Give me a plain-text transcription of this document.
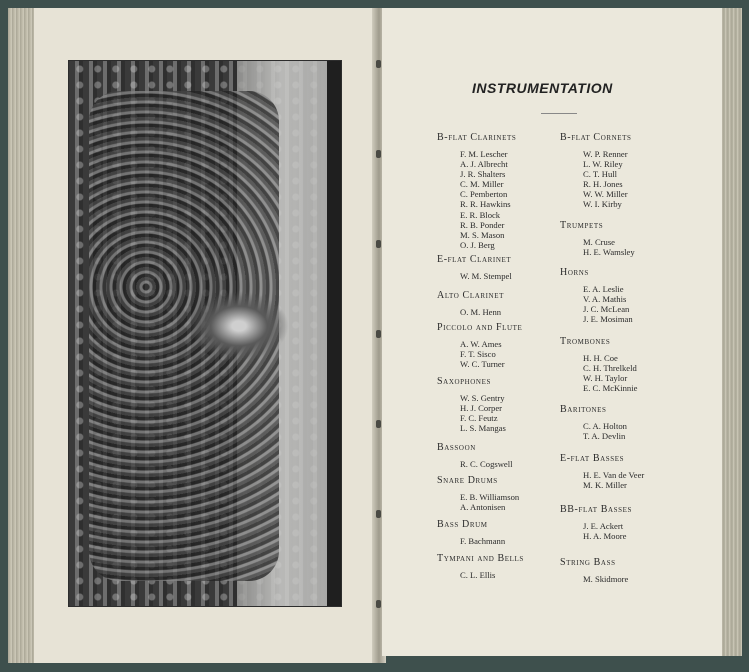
INSTRUMENTATION

B-flat Clarinets

F. M. Lescher

A. J. Albrecht

J. R. Shalters

C. M. Miller

C. Pemberton

R. R. Hawkins

E. R. Block

R. B. Ponder

M. S. Mason

O. J. Berg

E-flat Clarinet

W. M. Stempel

Alto Clarinet

O. M. Henn

Piccolo and Flute

A. W. Ames

F. T. Sisco

W. C. Turner

Saxophones

W. S. Gentry

H. J. Corper

F. C. Feutz

L. S. Mangas

Bassoon

R. C. Cogswell

Snare Drums

E. B. Williamson

A. Antonisen

Bass Drum

F. Bachmann

Tympani and Bells

C. L. Ellis

B-flat Cornets

W. P. Renner

L. W. Riley

C. T. Hull

R. H. Jones

W. W. Miller

W. I. Kirby

Trumpets

M. Cruse

H. E. Wamsley

Horns

E. A. Leslie

V. A. Mathis

J. C. McLean

J. E. Mosiman

Trombones

H. H. Coe

C. H. Threlkeld

W. H. Taylor

E. C. McKinnie

Baritones

C. A. Holton

T. A. Devlin

E-flat Basses

H. E. Van de Veer

M. K. Miller

BB-flat Basses

J. E. Ackert

H. A. Moore

String Bass

M. Skidmore
